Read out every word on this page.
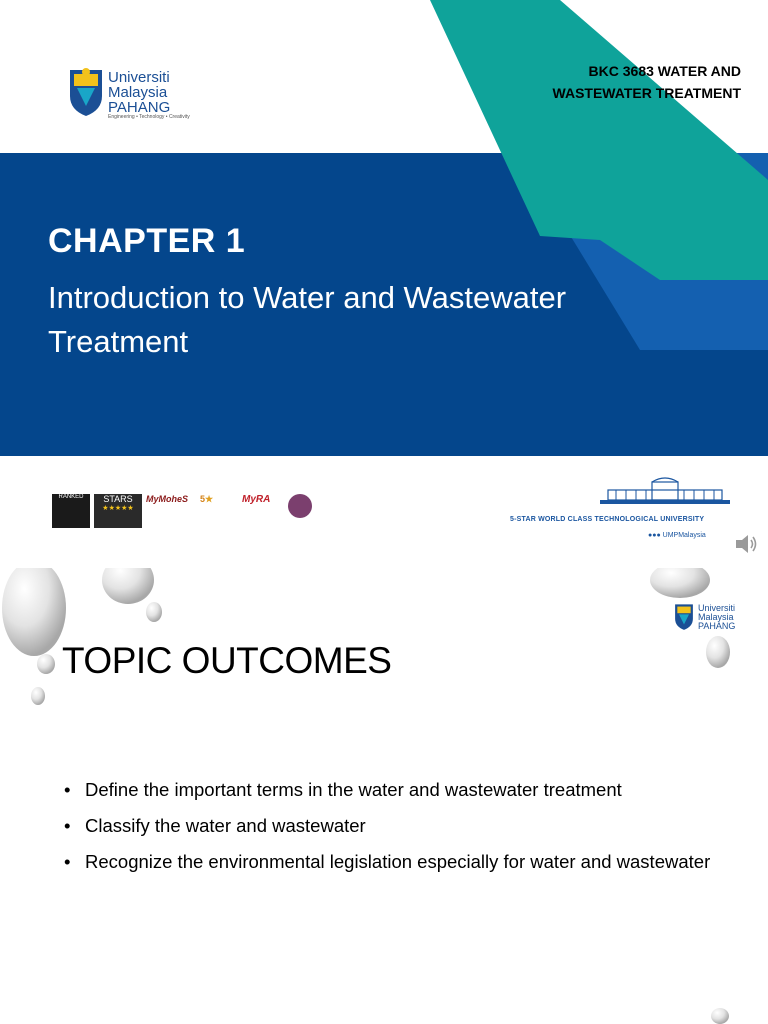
Universiti
Malaysia
PAHANG
Engineering • Technology • Creativity
BKC 3683 WATER AND
WASTEWATER TREATMENT
CHAPTER 1
Introduction to Water and Wastewater Treatment
RANKED	STARS
★★★★★
MyMoheS	5★	MyRA
5-STAR WORLD CLASS TECHNOLOGICAL UNIVERSITY
●●● UMPMalaysia
Universiti
Malaysia
PAHANG
TOPIC OUTCOMES
• Define the important terms in the water and wastewater treatment
• Classify the water and wastewater
• Recognize the environmental legislation especially for water and wastewater
